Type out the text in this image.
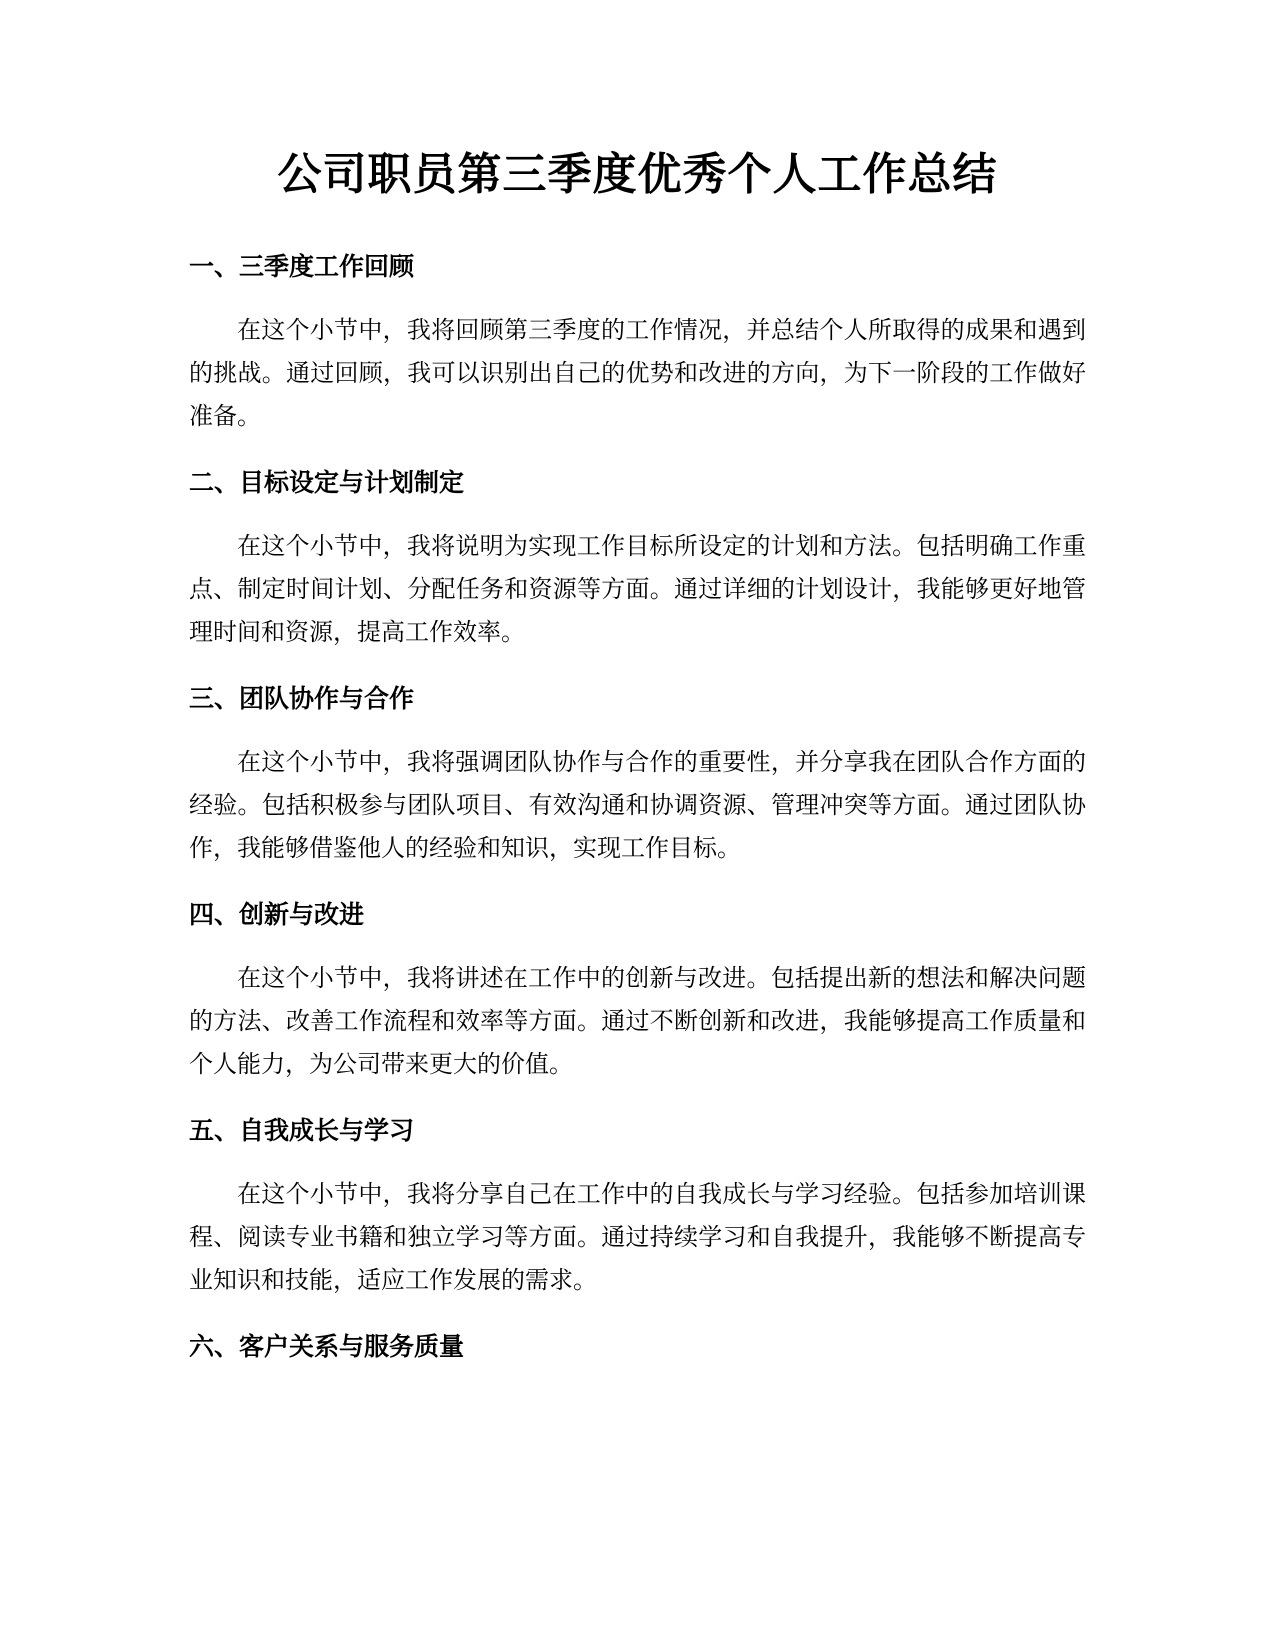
公司职员第三季度优秀个人工作总结
一、三季度工作回顾

在这个小节中，我将回顾第三季度的工作情况，并总结个人所取得的成果和遇到的挑战。通过回顾，我可以识别出自己的优势和改进的方向，为下一阶段的工作做好准备。

二、目标设定与计划制定

在这个小节中，我将说明为实现工作目标所设定的计划和方法。包括明确工作重点、制定时间计划、分配任务和资源等方面。通过详细的计划设计，我能够更好地管理时间和资源，提高工作效率。

三、团队协作与合作

在这个小节中，我将强调团队协作与合作的重要性，并分享我在团队合作方面的经验。包括积极参与团队项目、有效沟通和协调资源、管理冲突等方面。通过团队协作，我能够借鉴他人的经验和知识，实现工作目标。

四、创新与改进

在这个小节中，我将讲述在工作中的创新与改进。包括提出新的想法和解决问题的方法、改善工作流程和效率等方面。通过不断创新和改进，我能够提高工作质量和个人能力，为公司带来更大的价值。

五、自我成长与学习

在这个小节中，我将分享自己在工作中的自我成长与学习经验。包括参加培训课程、阅读专业书籍和独立学习等方面。通过持续学习和自我提升，我能够不断提高专业知识和技能，适应工作发展的需求。

六、客户关系与服务质量
